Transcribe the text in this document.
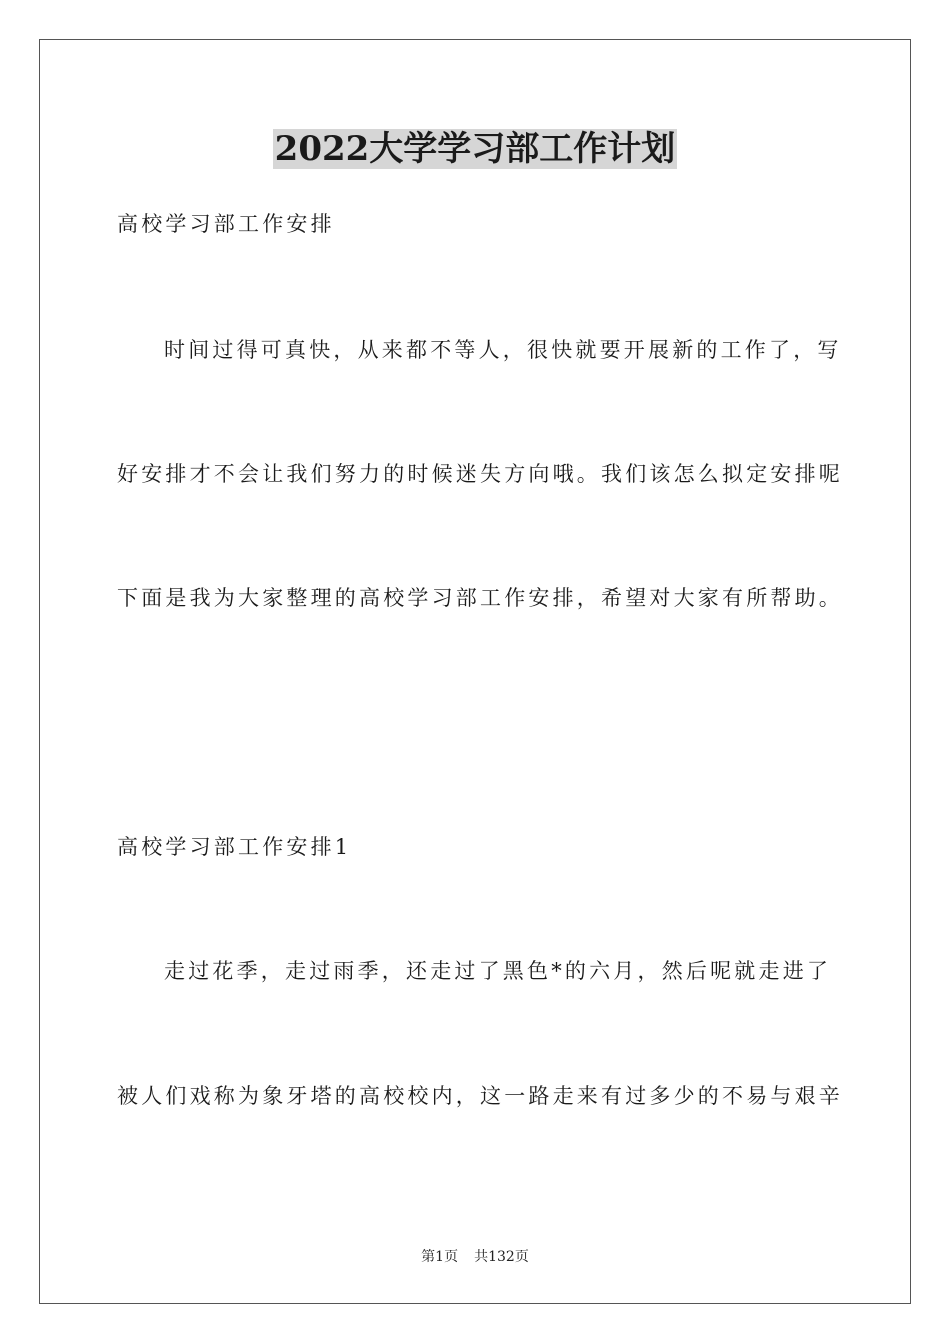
2022大学学习部工作计划
高校学习部工作安排
时间过得可真快，从来都不等人，很快就要开展新的工作了，写
好安排才不会让我们努力的时候迷失方向哦。我们该怎么拟定安排呢
下面是我为大家整理的高校学习部工作安排，希望对大家有所帮助。
高校学习部工作安排1
走过花季，走过雨季，还走过了黑色*的六月，然后呢就走进了
被人们戏称为象牙塔的高校校内，这一路走来有过多少的不易与艰辛
第1页 共132页
